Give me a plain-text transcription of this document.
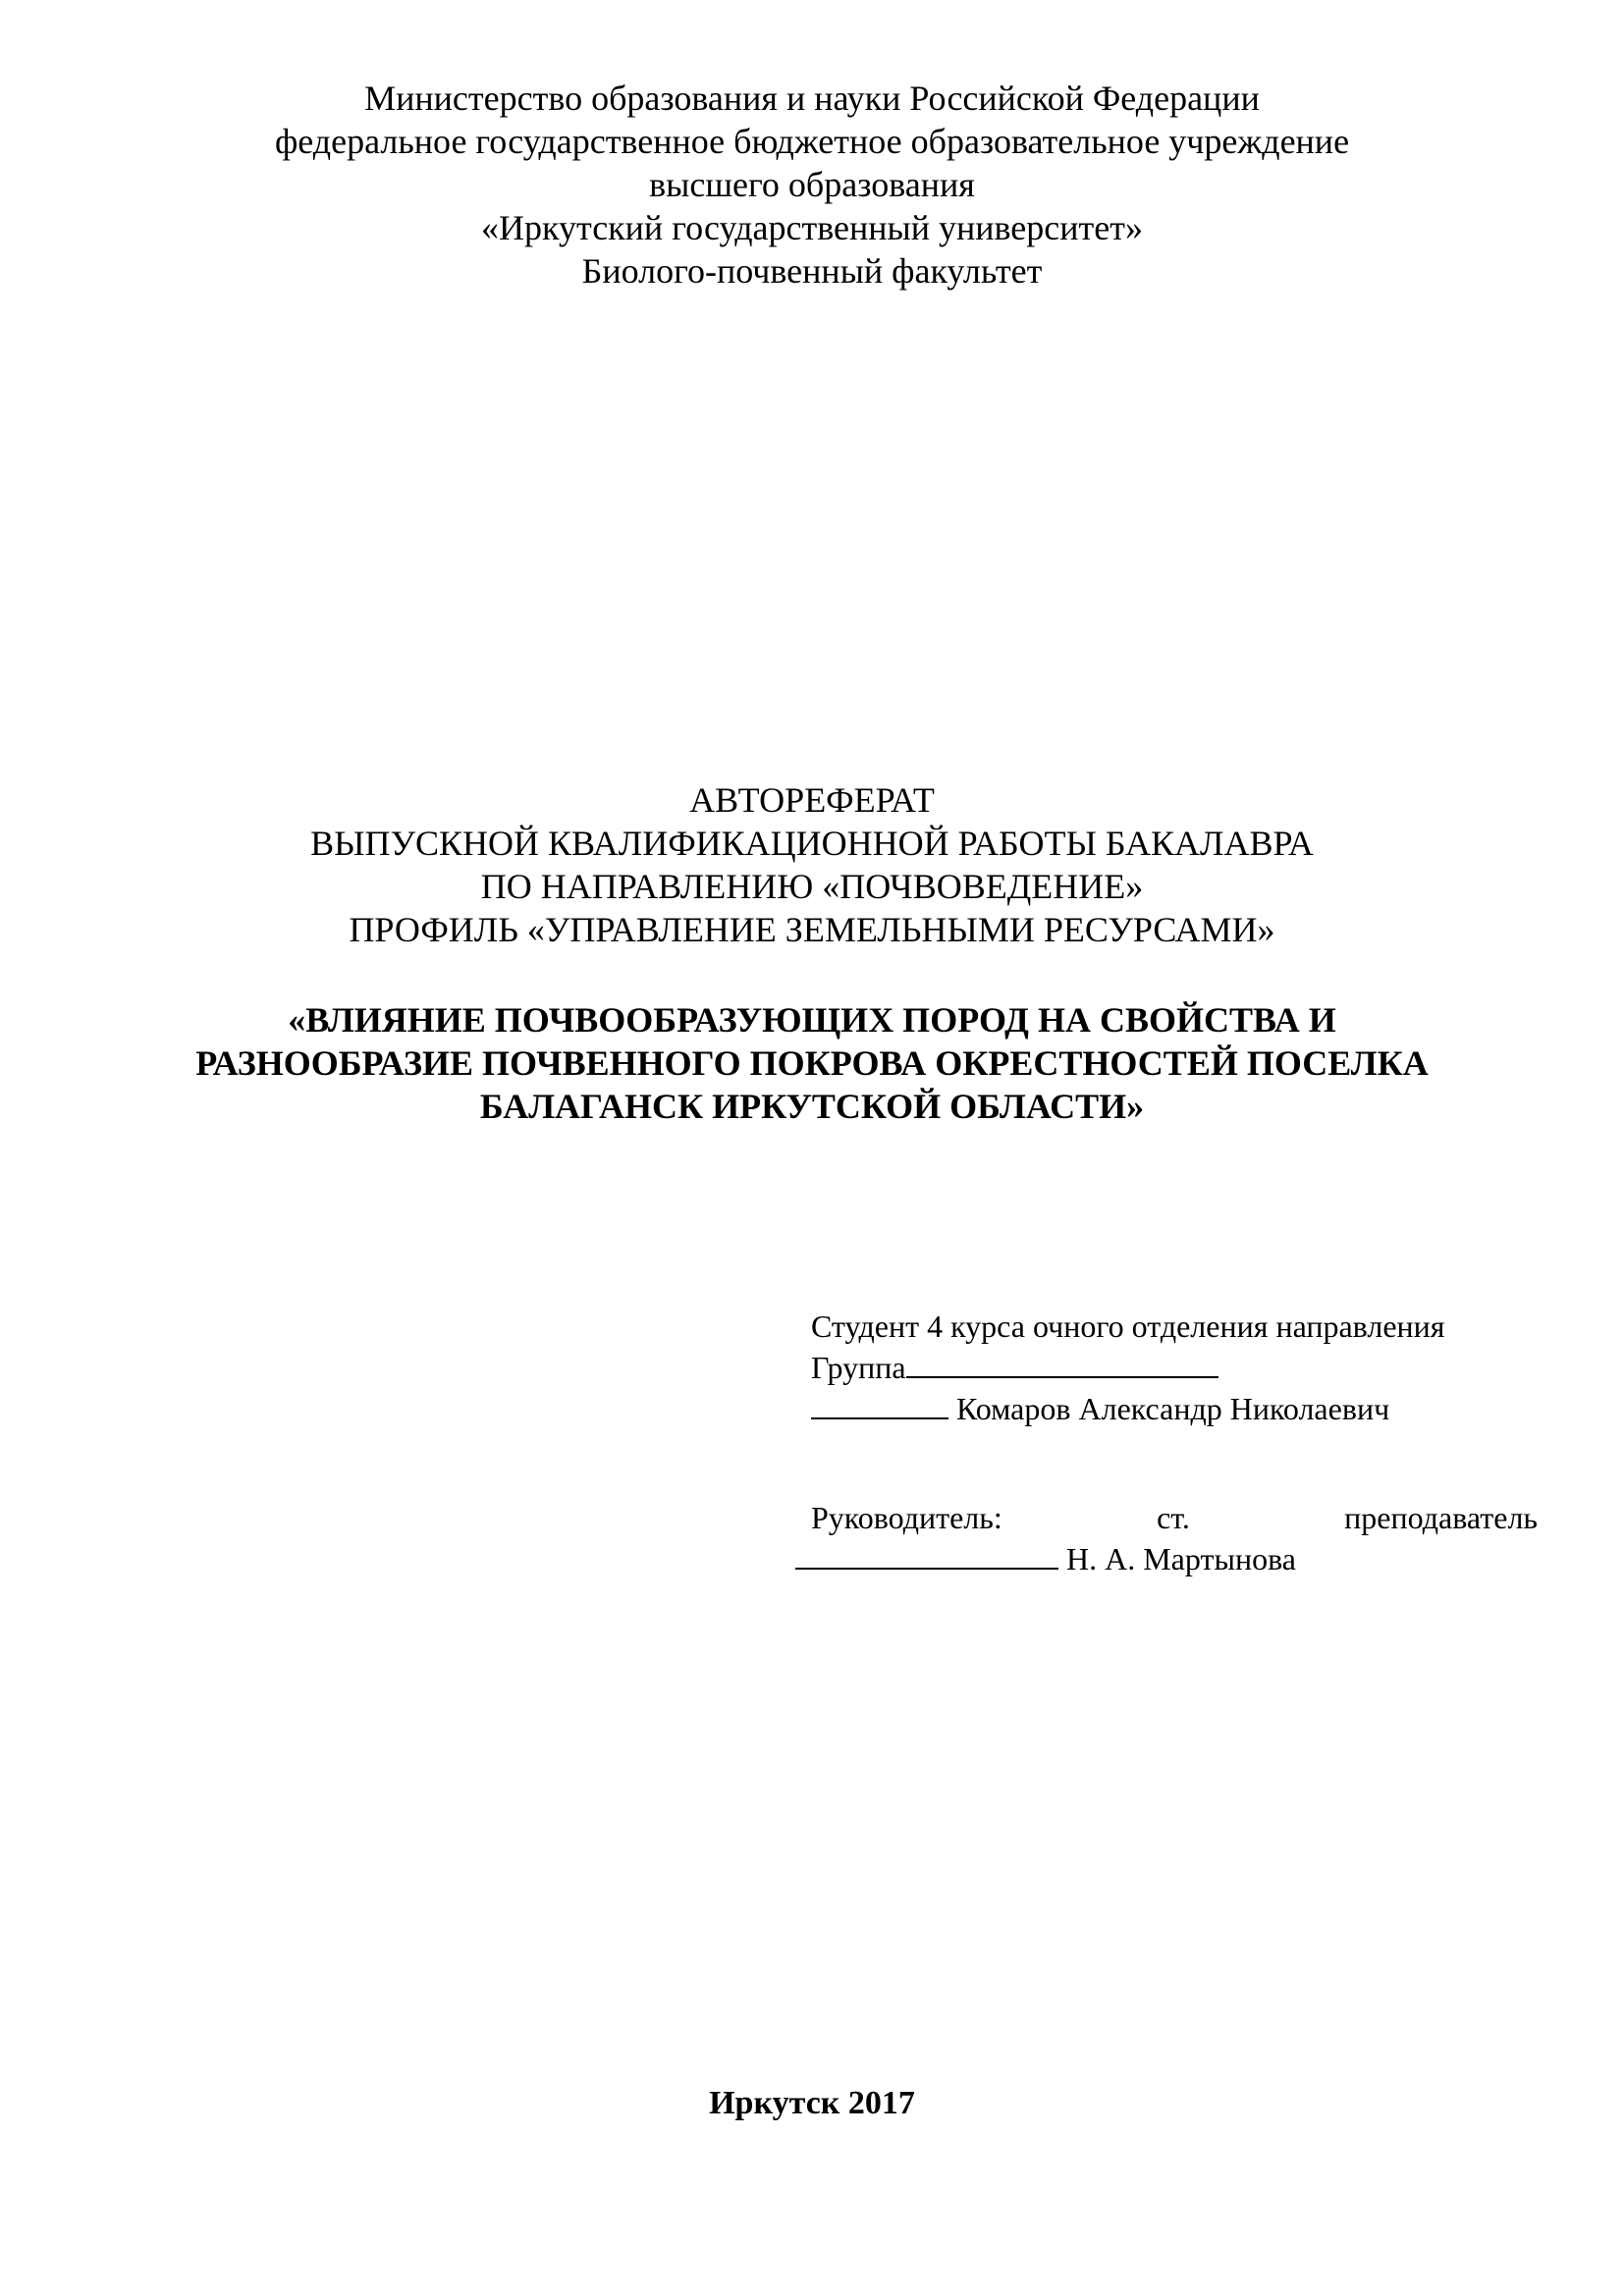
Министерство образования и науки Российской Федерации
федеральное государственное бюджетное образовательное учреждение
высшего образования
«Иркутский государственный университет»
Биолого-почвенный факультет
АВТОРЕФЕРАТ
ВЫПУСКНОЙ КВАЛИФИКАЦИОННОЙ РАБОТЫ БАКАЛАВРА
ПО НАПРАВЛЕНИЮ «ПОЧВОВЕДЕНИЕ»
ПРОФИЛЬ «УПРАВЛЕНИЕ ЗЕМЕЛЬНЫМИ РЕСУРСАМИ»
«ВЛИЯНИЕ ПОЧВООБРАЗУЮЩИХ ПОРОД НА СВОЙСТВА И
РАЗНООБРАЗИЕ ПОЧВЕННОГО ПОКРОВА ОКРЕСТНОСТЕЙ ПОСЕЛКА
БАЛАГАНСК ИРКУТСКОЙ ОБЛАСТИ»
Студент 4 курса очного отделения направления
Группа
Комаров Александр Николаевич
Руководитель:	ст.	преподаватель
Н. А. Мартынова
Иркутск 2017
